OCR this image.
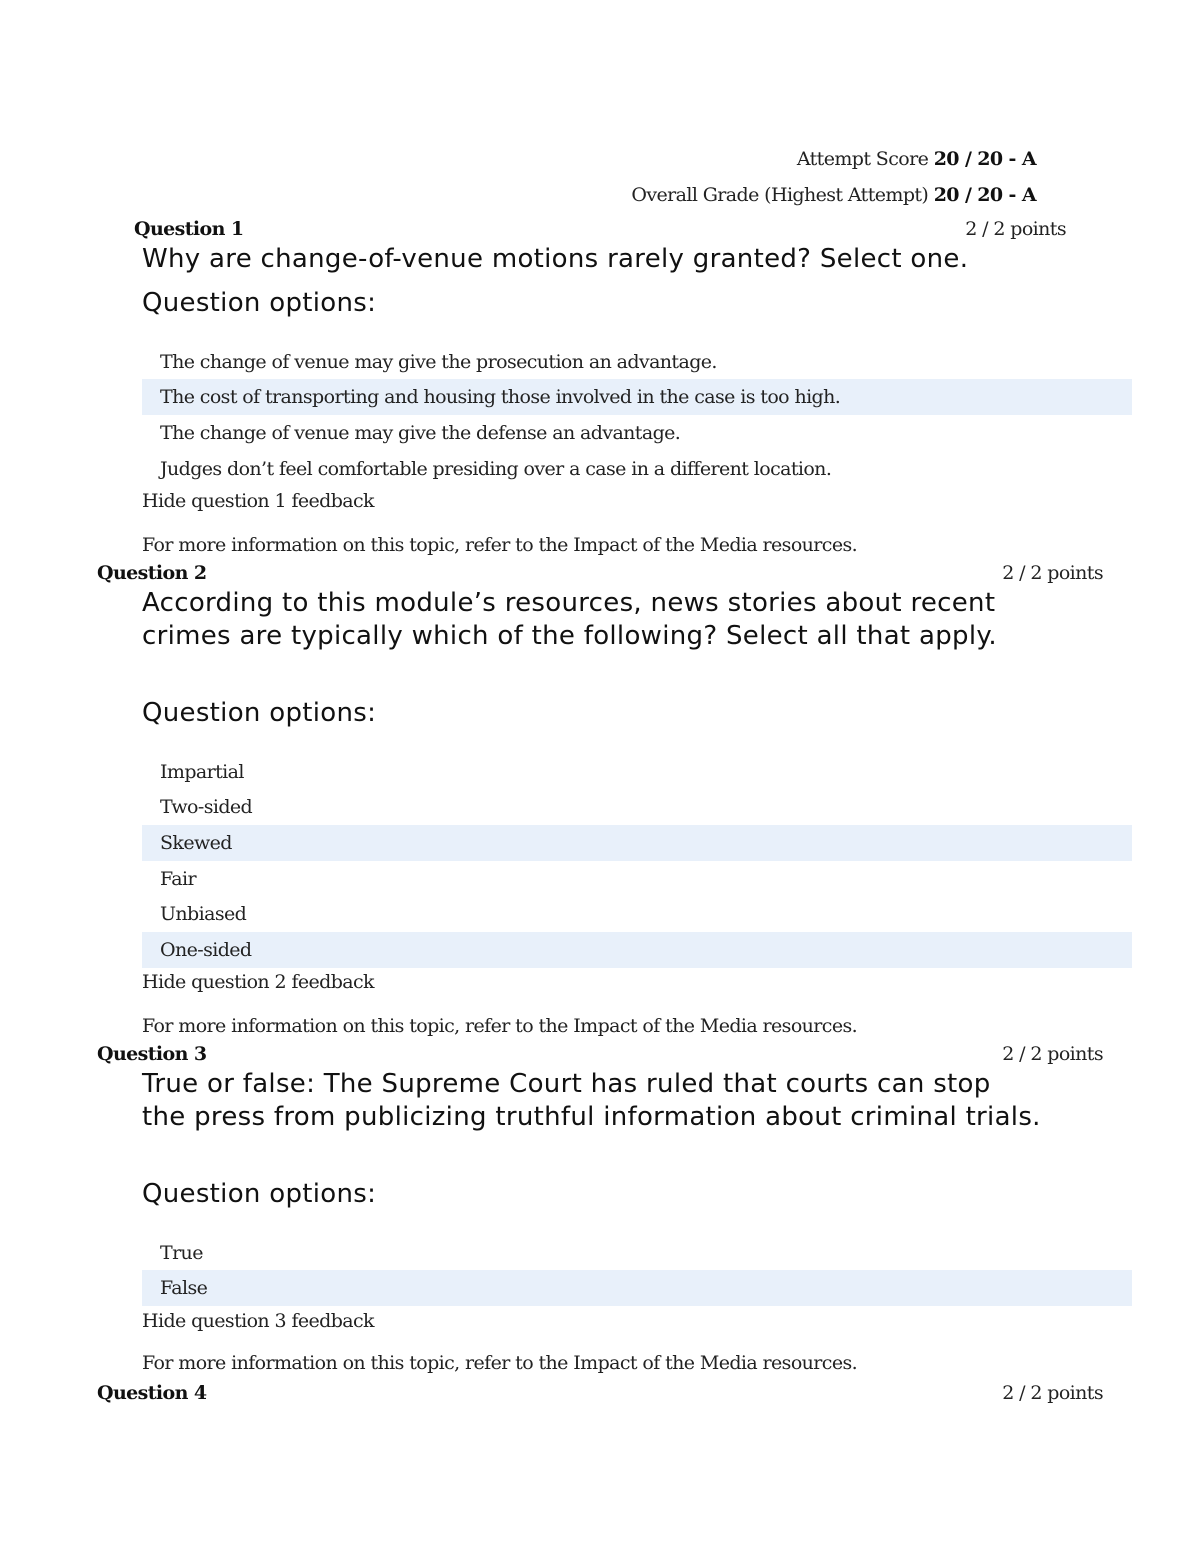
Attempt Score 20 / 20 - A
Overall Grade (Highest Attempt) 20 / 20 - A
Question 1	2 / 2 points
Why are change-of-venue motions rarely granted? Select one.
Question options:
The change of venue may give the prosecution an advantage.
The cost of transporting and housing those involved in the case is too high.
The change of venue may give the defense an advantage.
Judges don’t feel comfortable presiding over a case in a different location.
Hide question 1 feedback
For more information on this topic, refer to the Impact of the Media resources.
Question 2	2 / 2 points
According to this module’s resources, news stories about recent crimes are typically which of the following? Select all that apply.
Question options:
Impartial
Two-sided
Skewed
Fair
Unbiased
One-sided
Hide question 2 feedback
For more information on this topic, refer to the Impact of the Media resources.
Question 3	2 / 2 points
True or false: The Supreme Court has ruled that courts can stop the press from publicizing truthful information about criminal trials.
Question options:
True
False
Hide question 3 feedback
For more information on this topic, refer to the Impact of the Media resources.
Question 4	2 / 2 points
